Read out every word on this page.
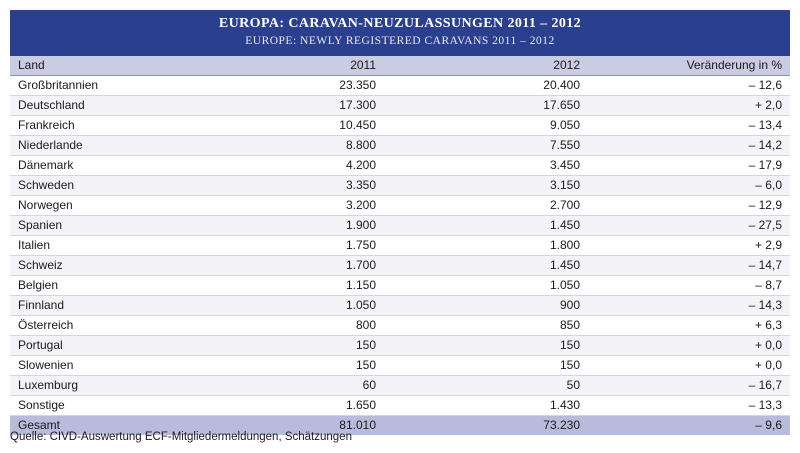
EUROPA: CARAVAN-NEUZULASSUNGEN 2011 – 2012
EUROPE: NEWLY REGISTERED CARAVANS 2011 – 2012
Land	2011	2012	Veränderung in %
Großbritannien	23.350	20.400	– 12,6
Deutschland	17.300	17.650	+ 2,0
Frankreich	10.450	9.050	– 13,4
Niederlande	8.800	7.550	– 14,2
Dänemark	4.200	3.450	– 17,9
Schweden	3.350	3.150	– 6,0
Norwegen	3.200	2.700	– 12,9
Spanien	1.900	1.450	– 27,5
Italien	1.750	1.800	+ 2,9
Schweiz	1.700	1.450	– 14,7
Belgien	1.150	1.050	– 8,7
Finnland	1.050	900	– 14,3
Österreich	800	850	+ 6,3
Portugal	150	150	+ 0,0
Slowenien	150	150	+ 0,0
Luxemburg	60	50	– 16,7
Sonstige	1.650	1.430	– 13,3
Gesamt	81.010	73.230	– 9,6
Quelle: CIVD-Auswertung ECF-Mitgliedermeldungen, Schätzungen
